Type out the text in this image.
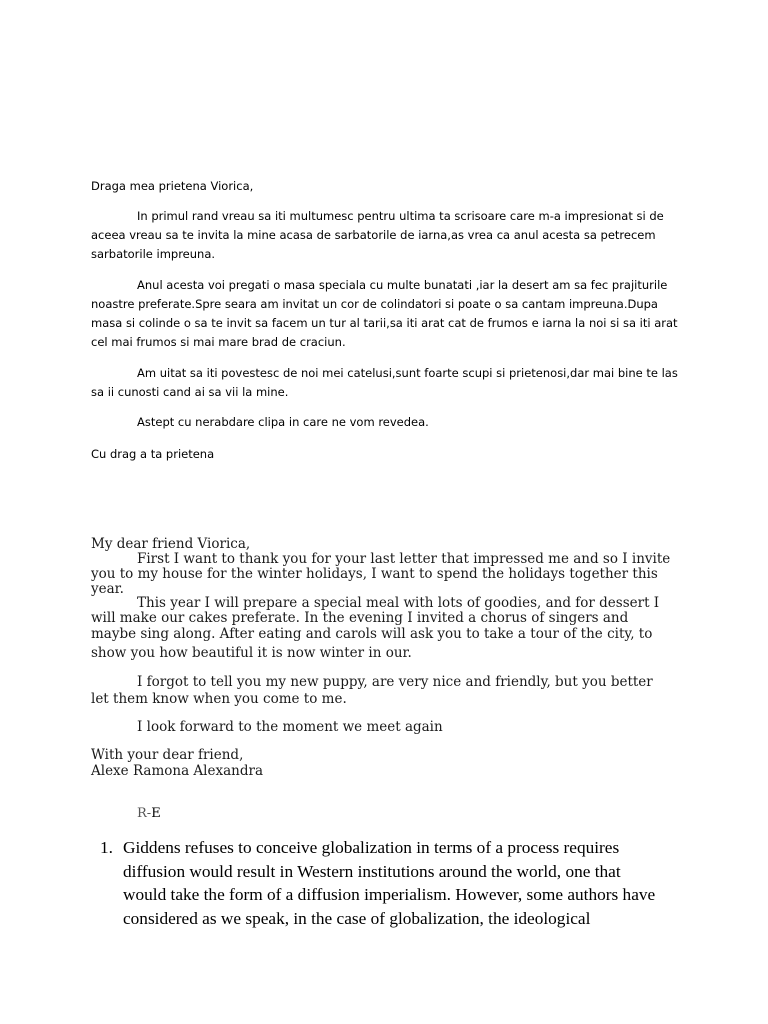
Draga mea prietena Viorica,

In primul rand vreau sa iti multumesc pentru ultima ta scrisoare care m-a impresionat si de

aceea vreau sa te invita la mine acasa de sarbatorile de iarna,as vrea ca anul acesta sa petrecem

sarbatorile impreuna.

Anul acesta voi pregati o masa speciala cu multe bunatati ,iar la desert am sa fec prajiturile

noastre preferate.Spre seara am invitat un cor de colindatori si poate o sa cantam impreuna.Dupa

masa si colinde o sa te invit sa facem un tur al tarii,sa iti arat cat de frumos e iarna la noi si sa iti arat

cel mai frumos si mai mare brad de craciun.

Am uitat sa iti povestesc de noi mei catelusi,sunt foarte scupi si prietenosi,dar mai bine te las

sa ii cunosti cand ai sa vii la mine.

Astept cu nerabdare clipa in care ne vom revedea.

Cu drag a ta prietena

My dear friend Viorica,

First I want to thank you for your last letter that impressed me and so I invite

you to my house for the winter holidays, I want to spend the holidays together this

year.

This year I will prepare a special meal with lots of goodies, and for dessert I

will make our cakes preferate. In the evening I invited a chorus of singers and

maybe sing along. After eating and carols will ask you to take a tour of the city, to

show you how beautiful it is now winter in our.

I forgot to tell you my new puppy, are very nice and friendly, but you better

let them know when you come to me.

I look forward to the moment we meet again

With your dear friend,

Alexe Ramona Alexandra

R-E
1. Giddens refuses to conceive globalization in terms of a process requires
diffusion would result in Western institutions around the world, one that
would take the form of a diffusion imperialism. However, some authors have
considered as we speak, in the case of globalization, the ideological
